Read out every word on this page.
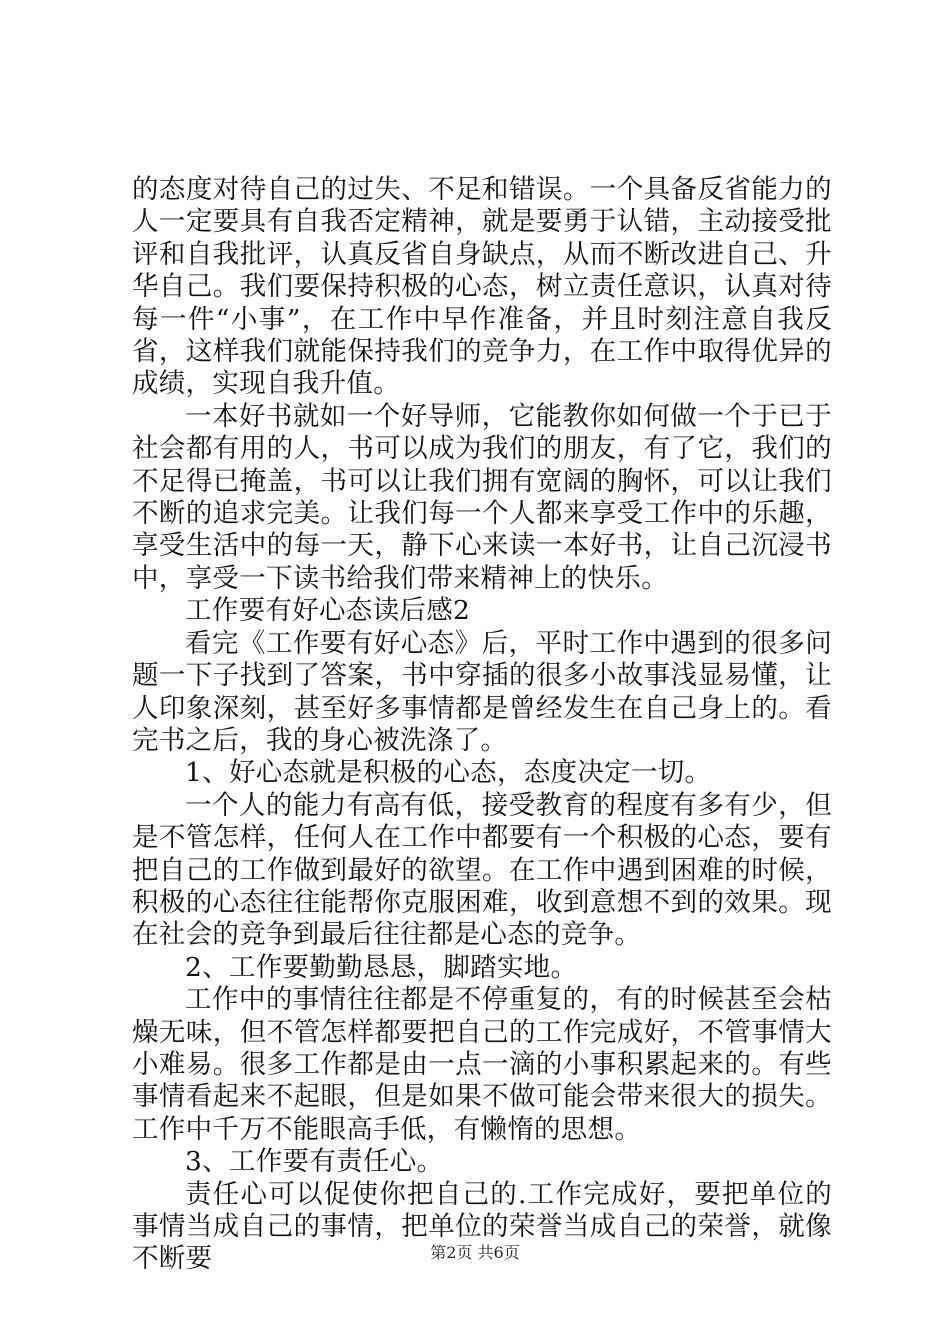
的态度对待自己的过失、不足和错误。一个具备反省能力的人一定要具有自我否定精神，就是要勇于认错，主动接受批评和自我批评，认真反省自身缺点，从而不断改进自己、升华自己。我们要保持积极的心态，树立责任意识，认真对待每一件“小事”，在工作中早作准备，并且时刻注意自我反省，这样我们就能保持我们的竞争力，在工作中取得优异的成绩，实现自我升值。

一本好书就如一个好导师，它能教你如何做一个于已于社会都有用的人，书可以成为我们的朋友，有了它，我们的不足得已掩盖，书可以让我们拥有宽阔的胸怀，可以让我们不断的追求完美。让我们每一个人都来享受工作中的乐趣，享受生活中的每一天，静下心来读一本好书，让自己沉浸书中，享受一下读书给我们带来精神上的快乐。

工作要有好心态读后感2

看完《工作要有好心态》后，平时工作中遇到的很多问题一下子找到了答案，书中穿插的很多小故事浅显易懂，让人印象深刻，甚至好多事情都是曾经发生在自己身上的。看完书之后，我的身心被洗涤了。

1、好心态就是积极的心态，态度决定一切。

一个人的能力有高有低，接受教育的程度有多有少，但是不管怎样，任何人在工作中都要有一个积极的心态，要有把自己的工作做到最好的欲望。在工作中遇到困难的时候，积极的心态往往能帮你克服困难，收到意想不到的效果。现在社会的竞争到最后往往都是心态的竞争。

2、工作要勤勤恳恳，脚踏实地。

工作中的事情往往都是不停重复的，有的时候甚至会枯燥无味，但不管怎样都要把自己的工作完成好，不管事情大小难易。很多工作都是由一点一滴的小事积累起来的。有些事情看起来不起眼，但是如果不做可能会带来很大的损失。工作中千万不能眼高手低，有懒惰的思想。

3、工作要有责任心。

责任心可以促使你把自己的.工作完成好，要把单位的事情当成自己的事情，把单位的荣誉当成自己的荣誉，就像不断要	第2页 共6页
